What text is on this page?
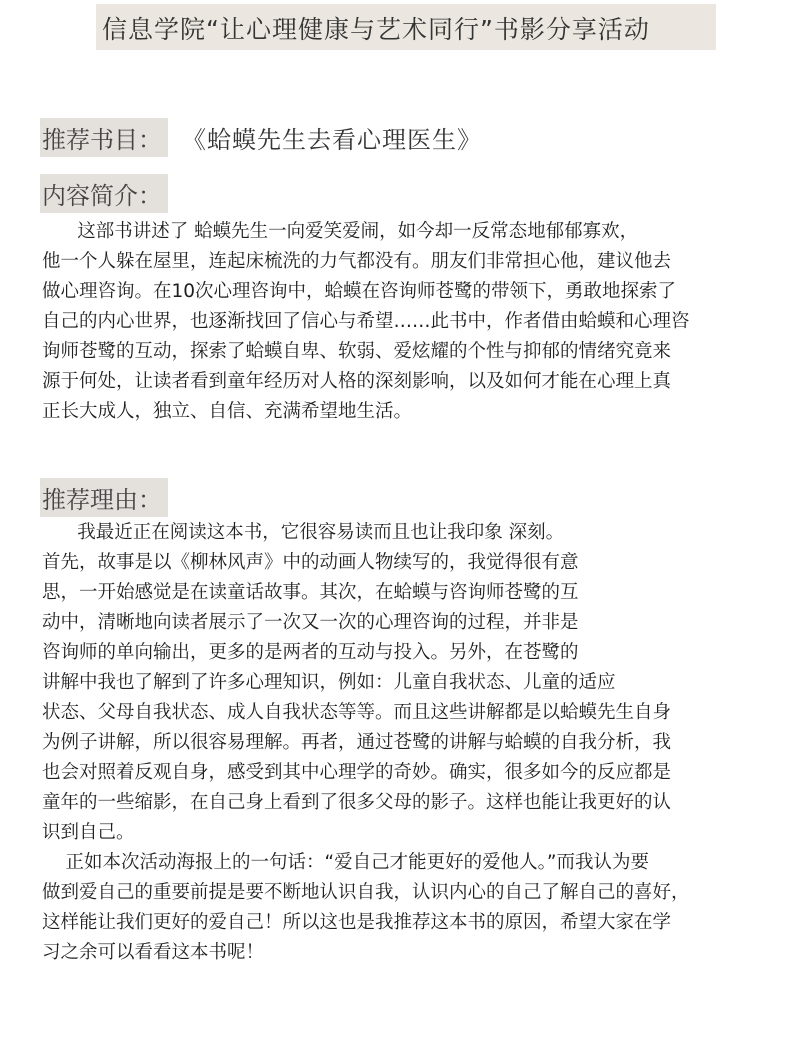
信息学院“让心理健康与艺术同行”书影分享活动
推荐书目： 《蛤蟆先生去看心理医生》
内容简介：

这部书讲述了 蛤蟆先生一向爱笑爱闹，如今却一反常态地郁郁寡欢，

他一个人躲在屋里，连起床梳洗的力气都没有。朋友们非常担心他，建议他去

做心理咨询。在10次心理咨询中，蛤蟆在咨询师苍鹭的带领下，勇敢地探索了

自己的内心世界，也逐渐找回了信心与希望……此书中，作者借由蛤蟆和心理咨

询师苍鹭的互动，探索了蛤蟆自卑、软弱、爱炫耀的个性与抑郁的情绪究竟来

源于何处，让读者看到童年经历对人格的深刻影响，以及如何才能在心理上真

正长大成人，独立、自信、充满希望地生活。

推荐理由：

我最近正在阅读这本书，它很容易读而且也让我印象 深刻。

首先，故事是以《柳林风声》中的动画人物续写的，我觉得很有意

思，一开始感觉是在读童话故事。其次，在蛤蟆与咨询师苍鹭的互

动中，清晰地向读者展示了一次又一次的心理咨询的过程，并非是

咨询师的单向输出，更多的是两者的互动与投入。另外，在苍鹭的

讲解中我也了解到了许多心理知识，例如：儿童自我状态、儿童的适应

状态、父母自我状态、成人自我状态等等。而且这些讲解都是以蛤蟆先生自身

为例子讲解，所以很容易理解。再者，通过苍鹭的讲解与蛤蟆的自我分析，我

也会对照着反观自身，感受到其中心理学的奇妙。确实，很多如今的反应都是

童年的一些缩影，在自己身上看到了很多父母的影子。这样也能让我更好的认

识到自己。

正如本次活动海报上的一句话：“爱自己才能更好的爱他人。”而我认为要

做到爱自己的重要前提是要不断地认识自我，认识内心的自己了解自己的喜好，

这样能让我们更好的爱自己！所以这也是我推荐这本书的原因，希望大家在学

习之余可以看看这本书呢！
